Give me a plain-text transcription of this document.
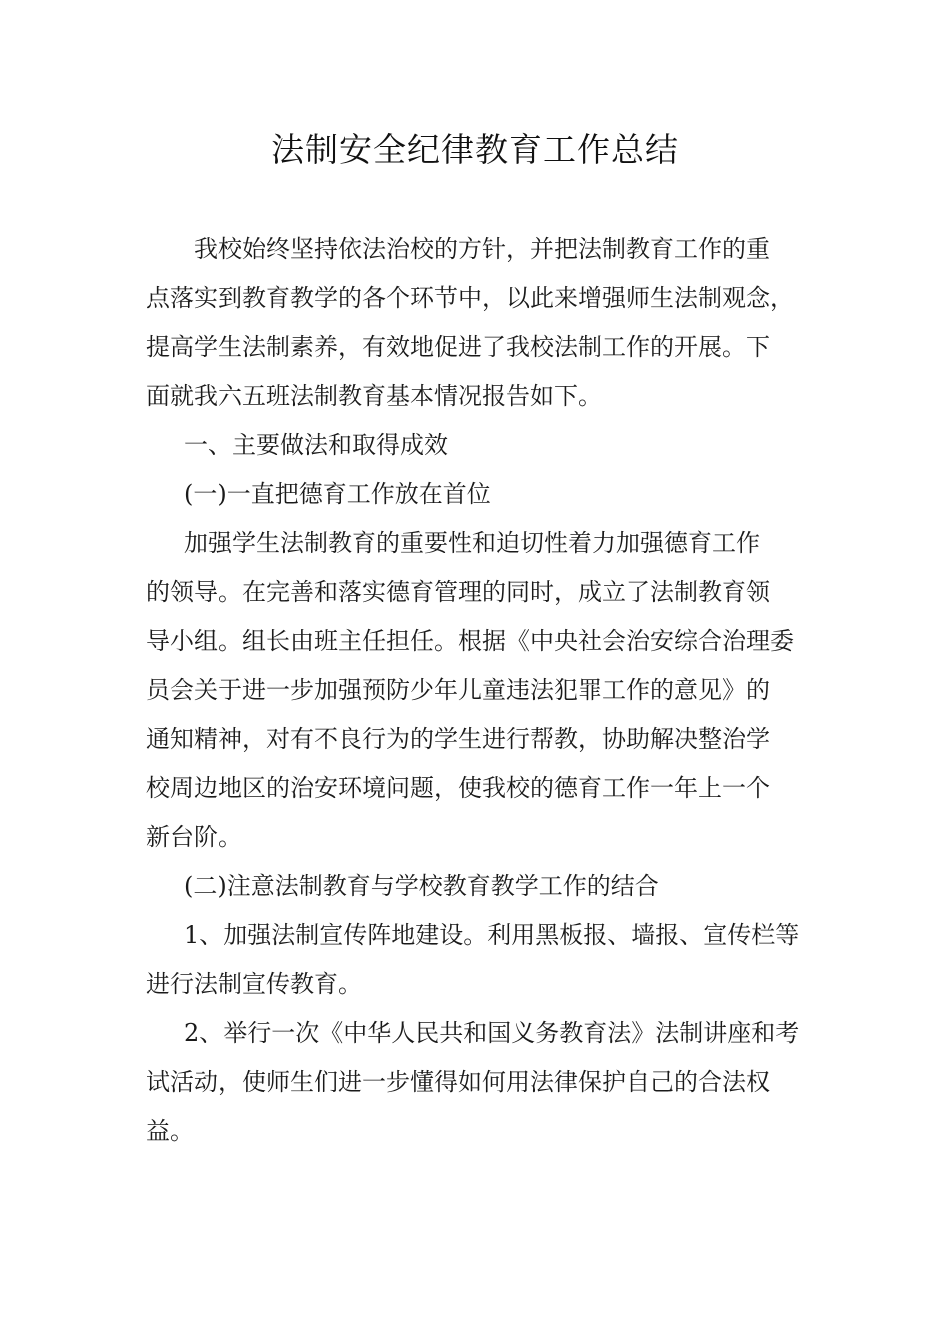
法制安全纪律教育工作总结
我校始终坚持依法治校的方针，并把法制教育工作的重
点落实到教育教学的各个环节中，以此来增强师生法制观念，
提高学生法制素养，有效地促进了我校法制工作的开展。下
面就我六五班法制教育基本情况报告如下。
一、主要做法和取得成效
(一)一直把德育工作放在首位
加强学生法制教育的重要性和迫切性着力加强德育工作
的领导。在完善和落实德育管理的同时，成立了法制教育领
导小组。组长由班主任担任。根据《中央社会治安综合治理委
员会关于进一步加强预防少年儿童违法犯罪工作的意见》的
通知精神，对有不良行为的学生进行帮教，协助解决整治学
校周边地区的治安环境问题，使我校的德育工作一年上一个
新台阶。
(二)注意法制教育与学校教育教学工作的结合
1、加强法制宣传阵地建设。利用黑板报、墙报、宣传栏等
进行法制宣传教育。
2、举行一次《中华人民共和国义务教育法》法制讲座和考
试活动，使师生们进一步懂得如何用法律保护自己的合法权
益。
